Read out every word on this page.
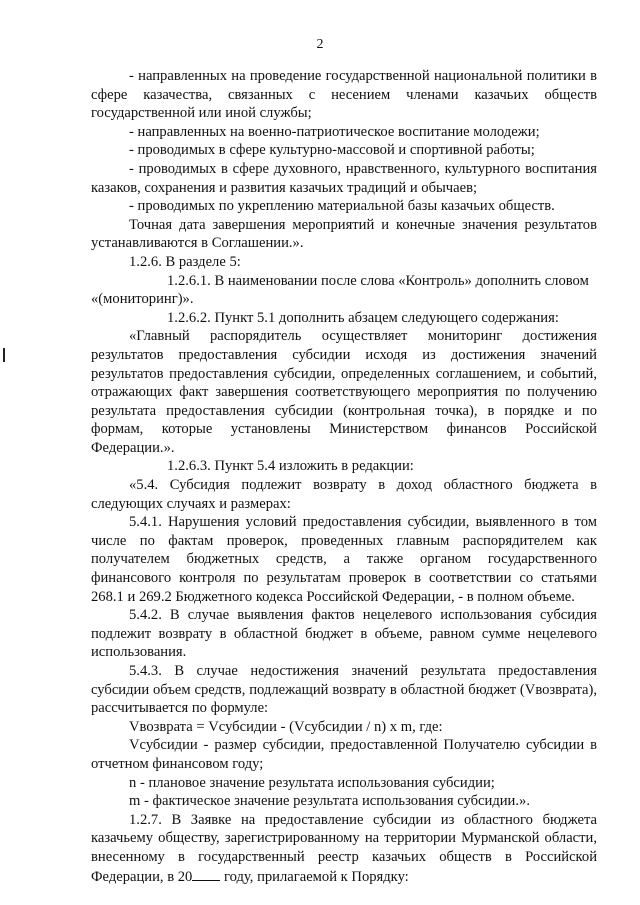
2

- направленных на проведение государственной национальной политики в сфере казачества, связанных с несением членами казачьих обществ государственной или иной службы;

- направленных на военно-патриотическое воспитание молодежи;

- проводимых в сфере культурно-массовой и спортивной работы;

- проводимых в сфере духовного, нравственного, культурного воспитания казаков, сохранения и развития казачьих традиций и обычаев;

- проводимых по укреплению материальной базы казачьих обществ.

Точная дата завершения мероприятий и конечные значения результатов устанавливаются в Соглашении.».

1.2.6. В разделе 5:

1.2.6.1. В наименовании после слова «Контроль» дополнить словом

«(мониторинг)».

1.2.6.2. Пункт 5.1 дополнить абзацем следующего содержания:

«Главный распорядитель осуществляет мониторинг достижения результатов предоставления субсидии исходя из достижения значений результатов предоставления субсидии, определенных соглашением, и событий, отражающих факт завершения соответствующего мероприятия по получению результата предоставления субсидии (контрольная точка), в порядке и по формам, которые установлены Министерством финансов Российской Федерации.».

1.2.6.3. Пункт 5.4 изложить в редакции:

«5.4. Субсидия подлежит возврату в доход областного бюджета в следующих случаях и размерах:

5.4.1. Нарушения условий предоставления субсидии, выявленного в том числе по фактам проверок, проведенных главным распорядителем как получателем бюджетных средств, а также органом государственного финансового контроля по результатам проверок в соответствии со статьями 268.1 и 269.2 Бюджетного кодекса Российской Федерации, - в полном объеме.

5.4.2. В случае выявления фактов нецелевого использования субсидия подлежит возврату в областной бюджет в объеме, равном сумме нецелевого использования.

5.4.3. В случае недостижения значений результата предоставления субсидии объем средств, подлежащий возврату в областной бюджет (Vвозврата), рассчитывается по формуле:

Vвозврата = Vсубсидии - (Vсубсидии / n) x m, где:

Vсубсидии - размер субсидии, предоставленной Получателю субсидии в отчетном финансовом году;

n - плановое значение результата использования субсидии;

m - фактическое значение результата использования субсидии.».

1.2.7. В Заявке на предоставление субсидии из областного бюджета казачьему обществу, зарегистрированному на территории Мурманской области, внесенному в государственный реестр казачьих обществ в Российской Федерации, в 20 году, прилагаемой к Порядку:
